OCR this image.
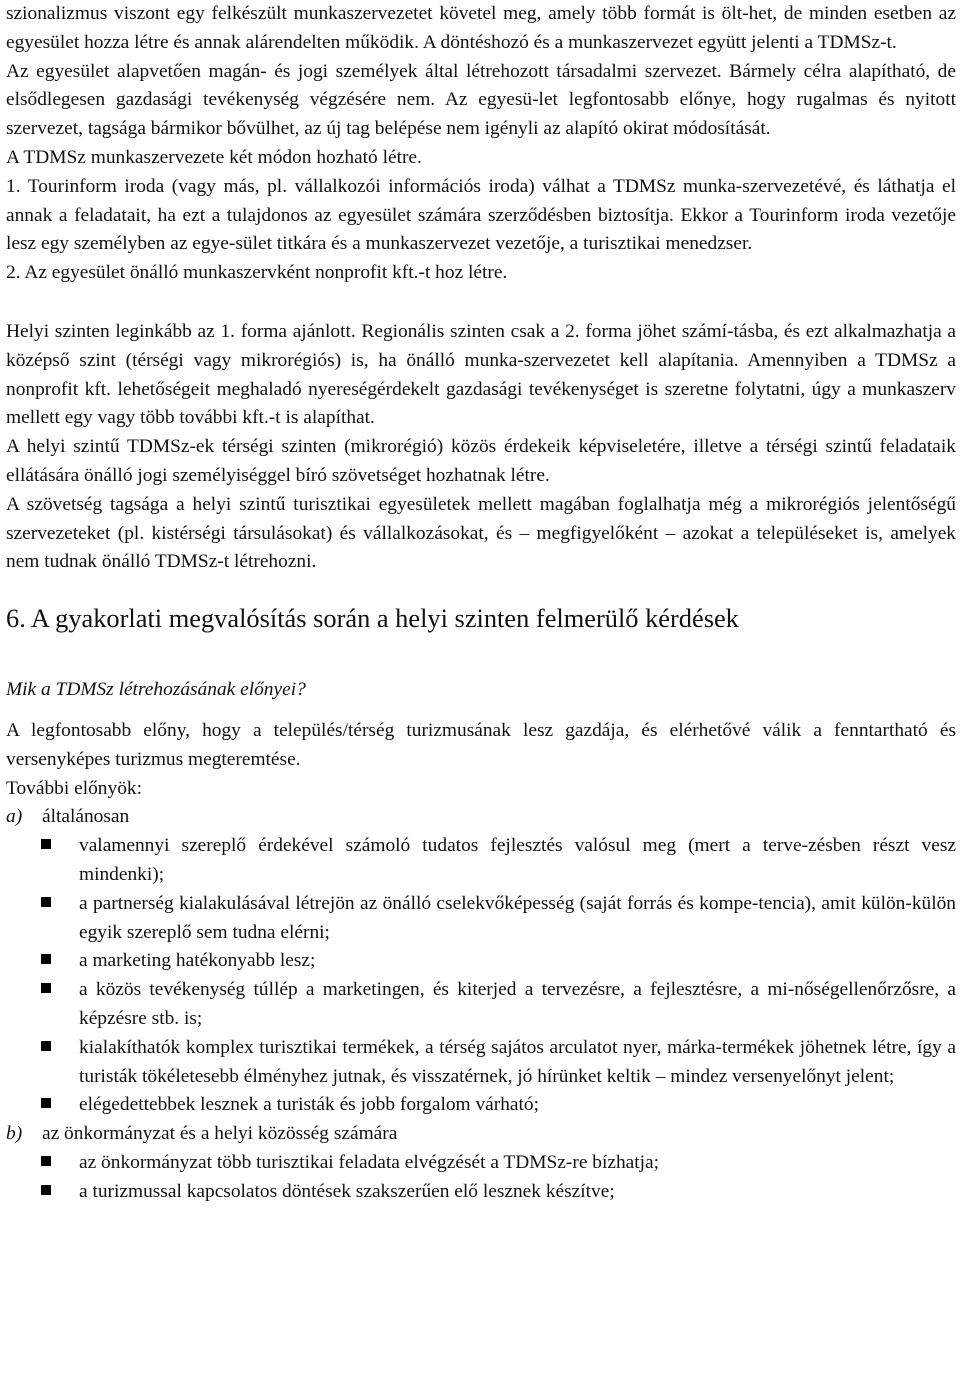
szionalizmus viszont egy felkészült munkaszervezetet követel meg, amely több formát is ölt-het, de minden esetben az egyesület hozza létre és annak alárendelten működik. A döntéshozó és a munkaszervezet együtt jelenti a TDMSz-t.

Az egyesület alapvetően magán- és jogi személyek által létrehozott társadalmi szervezet. Bármely célra alapítható, de elsődlegesen gazdasági tevékenység végzésére nem. Az egyesü-let legfontosabb előnye, hogy rugalmas és nyitott szervezet, tagsága bármikor bővülhet, az új tag belépése nem igényli az alapító okirat módosítását.

A TDMSz munkaszervezete két módon hozható létre.

1. Tourinform iroda (vagy más, pl. vállalkozói információs iroda) válhat a TDMSz munka-szervezetévé, és láthatja el annak a feladatait, ha ezt a tulajdonos az egyesület számára szerződésben biztosítja. Ekkor a Tourinform iroda vezetője lesz egy személyben az egye-sület titkára és a munkaszervezet vezetője, a turisztikai menedzser.

2. Az egyesület önálló munkaszervként nonprofit kft.-t hoz létre.

Helyi szinten leginkább az 1. forma ajánlott. Regionális szinten csak a 2. forma jöhet számí-tásba, és ezt alkalmazhatja a középső szint (térségi vagy mikrorégiós) is, ha önálló munka-szervezetet kell alapítania. Amennyiben a TDMSz a nonprofit kft. lehetőségeit meghaladó nyereségérdekelt gazdasági tevékenységet is szeretne folytatni, úgy a munkaszerv mellett egy vagy több további kft.-t is alapíthat.

A helyi szintű TDMSz-ek térségi szinten (mikrorégió) közös érdekeik képviseletére, illetve a térségi szintű feladataik ellátására önálló jogi személyiséggel bíró szövetséget hozhatnak létre.

A szövetség tagsága a helyi szintű turisztikai egyesületek mellett magában foglalhatja még a mikrorégiós jelentőségű szervezeteket (pl. kistérségi társulásokat) és vállalkozásokat, és – megfigyelőként – azokat a településeket is, amelyek nem tudnak önálló TDMSz-t létrehozni.

6. A gyakorlati megvalósítás során a helyi szinten felmerülő kérdések
Mik a TDMSz létrehozásának előnyei?

A legfontosabb előny, hogy a település/térség turizmusának lesz gazdája, és elérhetővé válik a fenntartható és versenyképes turizmus megteremtése.

További előnyök:

a)	általánosan
valamennyi szereplő érdekével számoló tudatos fejlesztés valósul meg (mert a terve-zésben részt vesz mindenki);
a partnerség kialakulásával létrejön az önálló cselekvőképesség (saját forrás és kompe-tencia), amit külön-külön egyik szereplő sem tudna elérni;
a marketing hatékonyabb lesz;
a közös tevékenység túllép a marketingen, és kiterjed a tervezésre, a fejlesztésre, a mi-nőségellenőrzősre, a képzésre stb. is;
kialakíthatók komplex turisztikai termékek, a térség sajátos arculatot nyer, márka-termékek jöhetnek létre, így a turisták tökéletesebb élményhez jutnak, és visszatérnek, jó hírünket keltik – mindez versenyelőnyt jelent;
elégedettebbek lesznek a turisták és jobb forgalom várható;
b)	az önkormányzat és a helyi közösség számára
az önkormányzat több turisztikai feladata elvégzését a TDMSz-re bízhatja;
a turizmussal kapcsolatos döntések szakszerűen elő lesznek készítve;
